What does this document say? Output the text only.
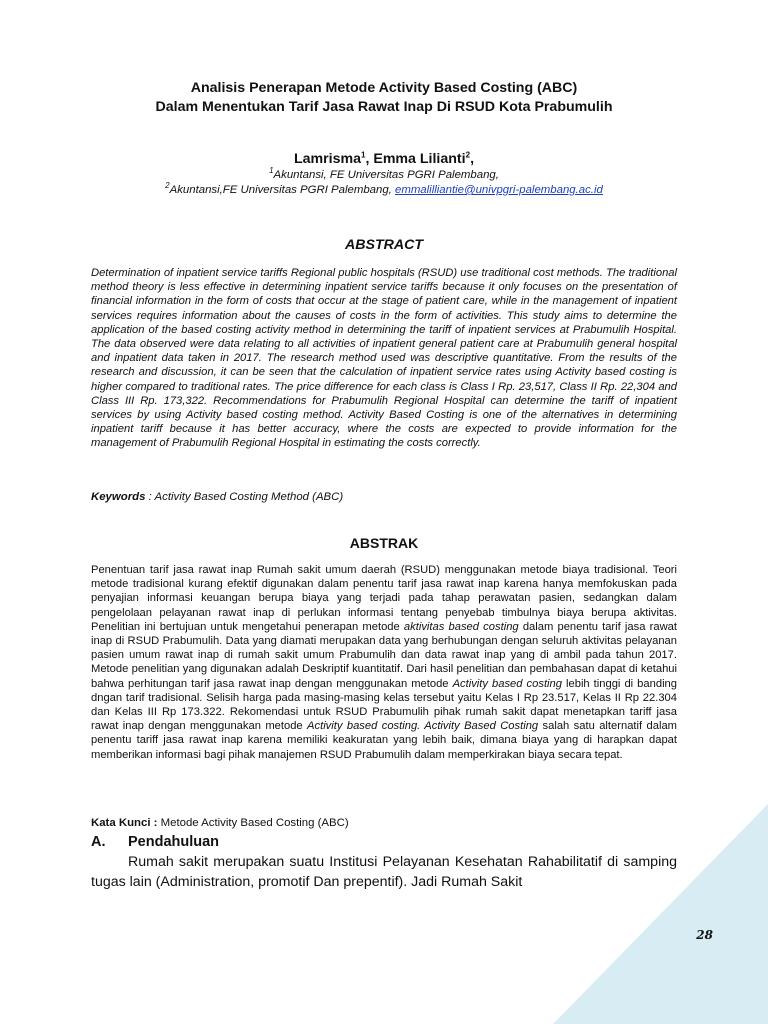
Analisis Penerapan Metode Activity Based Costing (ABC)
Dalam Menentukan Tarif Jasa Rawat Inap Di RSUD Kota Prabumulih
Lamrisma$^1$, Emma Lilianti$^2$,
$^1$Akuntansi, FE Universitas PGRI Palembang,
$^2$Akuntansi,FE Universitas PGRI Palembang, emmalilliantie@univpgri-palembang.ac.id
ABSTRACT

Determination of inpatient service tariffs Regional public hospitals (RSUD) use traditional cost methods. The traditional method theory is less effective in determining inpatient service tariffs because it only focuses on the presentation of financial information in the form of costs that occur at the stage of patient care, while in the management of inpatient services requires information about the causes of costs in the form of activities. This study aims to determine the application of the based costing activity method in determining the tariff of inpatient services at Prabumulih Hospital. The data observed were data relating to all activities of inpatient general patient care at Prabumulih general hospital and inpatient data taken in 2017. The research method used was descriptive quantitative. From the results of the research and discussion, it can be seen that the calculation of inpatient service rates using Activity based costing is higher compared to traditional rates. The price difference for each class is Class I Rp. 23,517, Class II Rp. 22,304 and Class III Rp. 173,322. Recommendations for Prabumulih Regional Hospital can determine the tariff of inpatient services by using Activity based costing method. Activity Based Costing is one of the alternatives in determining inpatient tariff because it has better accuracy, where the costs are expected to provide information for the management of Prabumulih Regional Hospital in estimating the costs correctly.

Keywords : Activity Based Costing Method (ABC)
ABSTRAK

Penentuan tarif jasa rawat inap Rumah sakit umum daerah (RSUD) menggunakan metode biaya tradisional. Teori metode tradisional kurang efektif digunakan dalam penentu tarif jasa rawat inap karena hanya memfokuskan pada penyajian informasi keuangan berupa biaya yang terjadi pada tahap perawatan pasien, sedangkan dalam pengelolaan pelayanan rawat inap di perlukan informasi tentang penyebab timbulnya biaya berupa aktivitas. Penelitian ini bertujuan untuk mengetahui penerapan metode aktivitas based costing dalam penentu tarif jasa rawat inap di RSUD Prabumulih. Data yang diamati merupakan data yang berhubungan dengan seluruh aktivitas pelayanan pasien umum rawat inap di rumah sakit umum Prabumulih dan data rawat inap yang di ambil pada tahun 2017. Metode penelitian yang digunakan adalah Deskriptif kuantitatif. Dari hasil penelitian dan pembahasan dapat di ketahui bahwa perhitungan tarif jasa rawat inap dengan menggunakan metode Activity based costing lebih tinggi di banding dngan tarif tradisional. Selisih harga pada masing-masing kelas tersebut yaitu Kelas I Rp 23.517, Kelas II Rp 22.304 dan Kelas III Rp 173.322. Rekomendasi untuk RSUD Prabumulih pihak rumah sakit dapat menetapkan tariff jasa rawat inap dengan menggunakan metode Activity based costing. Activity Based Costing salah satu alternatif dalam penentu tariff jasa rawat inap karena memiliki keakuratan yang lebih baik, dimana biaya yang di harapkan dapat memberikan informasi bagi pihak manajemen RSUD Prabumulih dalam memperkirakan biaya secara tepat.

Kata Kunci : Metode Activity Based Costing (ABC)
A. Pendahuluan

Rumah sakit merupakan suatu Institusi Pelayanan Kesehatan Rahabilitatif di samping tugas lain (Administration, promotif Dan prepentif). Jadi Rumah Sakit

28
